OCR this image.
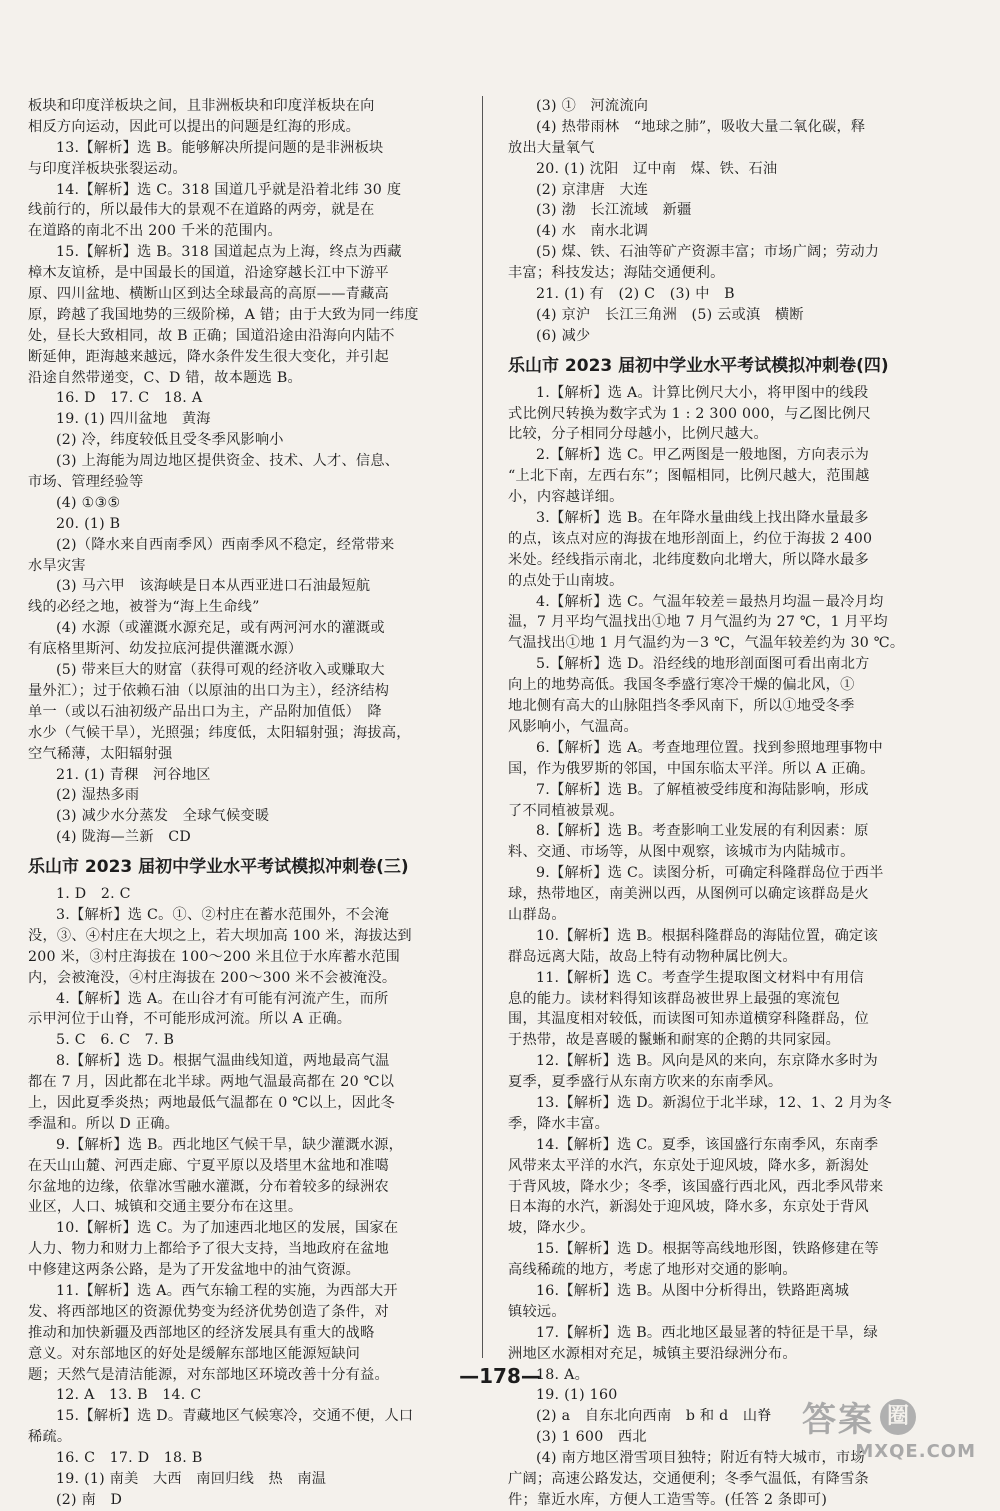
板块和印度洋板块之间，且非洲板块和印度洋板块在向
相反方向运动，因此可以提出的问题是红海的形成。
13.【解析】选 B。能够解决所提问题的是非洲板块
与印度洋板块张裂运动。
14.【解析】选 C。318 国道几乎就是沿着北纬 30 度
线前行的，所以最伟大的景观不在道路的两旁，就是在
在道路的南北不出 200 千米的范围内。
15.【解析】选 B。318 国道起点为上海，终点为西藏
樟木友谊桥，是中国最长的国道，沿途穿越长江中下游平
原、四川盆地、横断山区到达全球最高的高原——青藏高
原，跨越了我国地势的三级阶梯，A 错；由于大致为同一纬度
处，昼长大致相同，故 B 正确；国道沿途由沿海向内陆不
断延伸，距海越来越远，降水条件发生很大变化，并引起
沿途自然带递变，C、D 错，故本题选 B。
16. D　17. C　18. A
19. (1) 四川盆地　黄海
(2) 冷，纬度较低且受冬季风影响小
(3) 上海能为周边地区提供资金、技术、人才、信息、
市场、管理经验等
(4) ①③⑤
20. (1) B
(2)（降水来自西南季风）西南季风不稳定，经常带来
水旱灾害
(3) 马六甲　该海峡是日本从西亚进口石油最短航
线的必经之地，被誉为“海上生命线”
(4) 水源（或灌溉水源充足，或有两河河水的灌溉或
有底格里斯河、幼发拉底河提供灌溉水源）
(5) 带来巨大的财富（获得可观的经济收入或赚取大
量外汇）；过于依赖石油（以原油的出口为主），经济结构
单一（或以石油初级产品出口为主，产品附加值低）　降
水少（气候干旱），光照强；纬度低，太阳辐射强；海拔高，
空气稀薄，太阳辐射强
21. (1) 青稞　河谷地区
(2) 湿热多雨
(3) 减少水分蒸发　全球气候变暖
(4) 陇海—兰新　CD
乐山市 2023 届初中学业水平考试模拟冲刺卷(三)
1. D　2. C
3.【解析】选 C。①、②村庄在蓄水范围外，不会淹
没，③、④村庄在大坝之上，若大坝加高 100 米，海拔达到
200 米，③村庄海拔在 100～200 米且位于水库蓄水范围
内，会被淹没，④村庄海拔在 200～300 米不会被淹没。
4.【解析】选 A。在山谷才有可能有河流产生，而所
示甲河位于山脊，不可能形成河流。所以 A 正确。
5. C　6. C　7. B
8.【解析】选 D。根据气温曲线知道，两地最高气温
都在 7 月，因此都在北半球。两地气温最高都在 20 ℃以
上，因此夏季炎热；两地最低气温都在 0 ℃以上，因此冬
季温和。所以 D 正确。
9.【解析】选 B。西北地区气候干旱，缺少灌溉水源，
在天山山麓、河西走廊、宁夏平原以及塔里木盆地和准噶
尔盆地的边缘，依靠冰雪融水灌溉，分布着较多的绿洲农
业区，人口、城镇和交通主要分布在这里。
10.【解析】选 C。为了加速西北地区的发展，国家在
人力、物力和财力上都给予了很大支持，当地政府在盆地
中修建这两条公路，是为了开发盆地中的油气资源。
11.【解析】选 A。西气东输工程的实施，为西部大开
发、将西部地区的资源优势变为经济优势创造了条件，对
推动和加快新疆及西部地区的经济发展具有重大的战略
意义。对东部地区的好处是缓解东部地区能源短缺问
题；天然气是清洁能源，对东部地区环境改善十分有益。
12. A　13. B　14. C
15.【解析】选 D。青藏地区气候寒冷，交通不便，人口
稀疏。
16. C　17. D　18. B
19. (1) 南美　大西　南回归线　热　南温
(2) 南　D
(3) ①　河流流向
(4) 热带雨林　“地球之肺”，吸收大量二氧化碳，释
放出大量氧气
20. (1) 沈阳　辽中南　煤、铁、石油
(2) 京津唐　大连
(3) 渤　长江流域　新疆
(4) 水　南水北调
(5) 煤、铁、石油等矿产资源丰富；市场广阔；劳动力
丰富；科技发达；海陆交通便利。
21. (1) 有　(2) C　(3) 中　B
(4) 京沪　长江三角洲　(5) 云或滇　横断
(6) 减少
乐山市 2023 届初中学业水平考试模拟冲刺卷(四)
1.【解析】选 A。计算比例尺大小，将甲图中的线段
式比例尺转换为数字式为 1 : 2 300 000，与乙图比例尺
比较，分子相同分母越小，比例尺越大。
2.【解析】选 C。甲乙两图是一般地图，方向表示为
“上北下南，左西右东”；图幅相同，比例尺越大，范围越
小，内容越详细。
3.【解析】选 B。在年降水量曲线上找出降水量最多
的点，该点对应的海拔在地形剖面上，约位于海拔 2 400
米处。经线指示南北，北纬度数向北增大，所以降水最多
的点处于山南坡。
4.【解析】选 C。气温年较差＝最热月均温－最冷月均
温，7 月平均气温找出①地 7 月气温约为 27 ℃，1 月平均
气温找出①地 1 月气温约为－3 ℃，气温年较差约为 30 ℃。
5.【解析】选 D。沿经线的地形剖面图可看出南北方
向上的地势高低。我国冬季盛行寒冷干燥的偏北风，①
地北侧有高大的山脉阻挡冬季风南下，所以①地受冬季
风影响小，气温高。
6.【解析】选 A。考查地理位置。找到参照地理事物中
国，作为俄罗斯的邻国，中国东临太平洋。所以 A 正确。
7.【解析】选 B。了解植被受纬度和海陆影响，形成
了不同植被景观。
8.【解析】选 B。考查影响工业发展的有利因素：原
料、交通、市场等，从图中观察，该城市为内陆城市。
9.【解析】选 C。读图分析，可确定科隆群岛位于西半
球，热带地区，南美洲以西，从图例可以确定该群岛是火
山群岛。
10.【解析】选 B。根据科隆群岛的海陆位置，确定该
群岛远离大陆，故岛上特有动物种属比例大。
11.【解析】选 C。考查学生提取图文材料中有用信
息的能力。读材料得知该群岛被世界上最强的寒流包
围，其温度相对较低，而读图可知赤道横穿科隆群岛，位
于热带，故是喜暖的鬣蜥和耐寒的企鹅的共同家园。
12.【解析】选 B。风向是风的来向，东京降水多时为
夏季，夏季盛行从东南方吹来的东南季风。
13.【解析】选 D。新潟位于北半球，12、1、2 月为冬
季，降水丰富。
14.【解析】选 C。夏季，该国盛行东南季风，东南季
风带来太平洋的水汽，东京处于迎风坡，降水多，新潟处
于背风坡，降水少；冬季，该国盛行西北风，西北季风带来
日本海的水汽，新潟处于迎风坡，降水多，东京处于背风
坡，降水少。
15.【解析】选 D。根据等高线地形图，铁路修建在等
高线稀疏的地方，考虑了地形对交通的影响。
16.【解析】选 B。从图中分析得出，铁路距离城
镇较远。
17.【解析】选 B。西北地区最显著的特征是干旱，绿
洲地区水源相对充足，城镇主要沿绿洲分布。
18. A。
19. (1) 160
(2) a　自东北向西南　b 和 d　山脊
(3) 1 600　西北
(4) 南方地区滑雪项目独特；附近有特大城市，市场
广阔；高速公路发达，交通便利；冬季气温低，有降雪条
件；靠近水库，方便人工造雪等。(任答 2 条即可)
—178—
答案 圈
MXQE.COM
